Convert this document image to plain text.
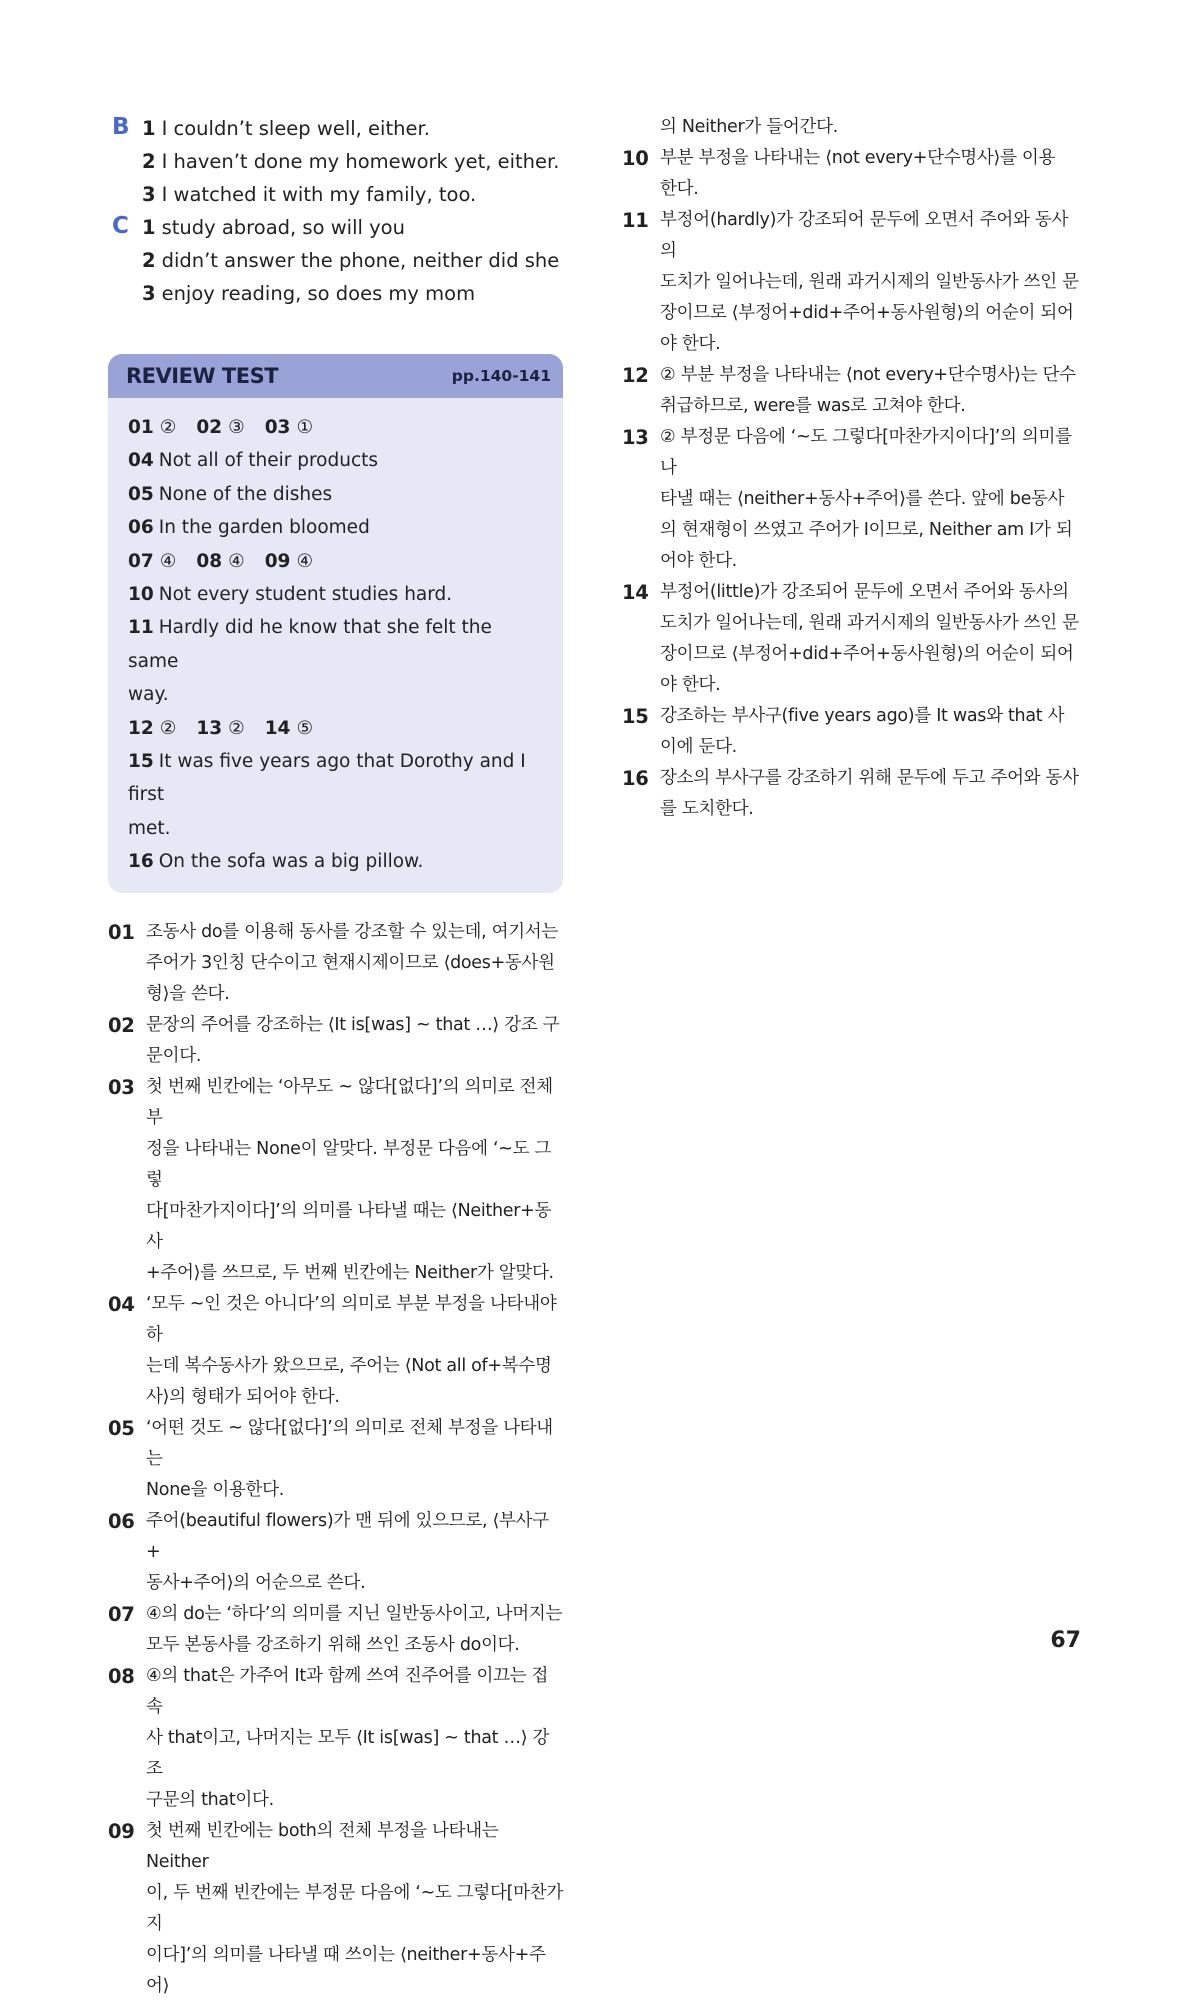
B 1 I couldn’t sleep well, either.
2 I haven’t done my homework yet, either.
3 I watched it with my family, too.
C 1 study abroad, so will you
2 didn’t answer the phone, neither did she
3 enjoy reading, so does my mom
REVIEW TEST	pp.140-141
01 ② 02 ③ 03 ①
04 Not all of their products
05 None of the dishes
06 In the garden bloomed
07 ④ 08 ④ 09 ④
10 Not every student studies hard.
11 Hardly did he know that she felt the same
way.
12 ② 13 ② 14 ⑤
15 It was five years ago that Dorothy and I first
met.
16 On the sofa was a big pillow.
01 조동사 do를 이용해 동사를 강조할 수 있는데, 여기서는
주어가 3인칭 단수이고 현재시제이므로 ⟨does+동사원
형⟩을 쓴다.
02 문장의 주어를 강조하는 ⟨It is[was] ~ that …⟩ 강조 구
문이다.
03 첫 번째 빈칸에는 ‘아무도 ~ 않다[없다]’의 의미로 전체 부
정을 나타내는 None이 알맞다. 부정문 다음에 ‘~도 그렇
다[마찬가지이다]’의 의미를 나타낼 때는 ⟨Neither+동사
+주어⟩를 쓰므로, 두 번째 빈칸에는 Neither가 알맞다.
04 ‘모두 ~인 것은 아니다’의 의미로 부분 부정을 나타내야 하
는데 복수동사가 왔으므로, 주어는 ⟨Not all of+복수명
사⟩의 형태가 되어야 한다.
05 ‘어떤 것도 ~ 않다[없다]’의 의미로 전체 부정을 나타내는
None을 이용한다.
06 주어(beautiful flowers)가 맨 뒤에 있으므로, ⟨부사구+
동사+주어⟩의 어순으로 쓴다.
07 ④의 do는 ‘하다’의 의미를 지닌 일반동사이고, 나머지는
모두 본동사를 강조하기 위해 쓰인 조동사 do이다.
08 ④의 that은 가주어 It과 함께 쓰여 진주어를 이끄는 접속
사 that이고, 나머지는 모두 ⟨It is[was] ~ that …⟩ 강조
구문의 that이다.
09 첫 번째 빈칸에는 both의 전체 부정을 나타내는 Neither
이, 두 번째 빈칸에는 부정문 다음에 ‘~도 그렇다[마찬가지
이다]’의 의미를 나타낼 때 쓰이는 ⟨neither+동사+주어⟩
의 Neither가 들어간다.
10 부분 부정을 나타내는 ⟨not every+단수명사⟩를 이용
한다.
11 부정어(hardly)가 강조되어 문두에 오면서 주어와 동사의
도치가 일어나는데, 원래 과거시제의 일반동사가 쓰인 문
장이므로 ⟨부정어+did+주어+동사원형⟩의 어순이 되어
야 한다.
12 ② 부분 부정을 나타내는 ⟨not every+단수명사⟩는 단수
취급하므로, were를 was로 고쳐야 한다.
13 ② 부정문 다음에 ‘~도 그렇다[마찬가지이다]’의 의미를 나
타낼 때는 ⟨neither+동사+주어⟩를 쓴다. 앞에 be동사
의 현재형이 쓰였고 주어가 I이므로, Neither am I가 되
어야 한다.
14 부정어(little)가 강조되어 문두에 오면서 주어와 동사의
도치가 일어나는데, 원래 과거시제의 일반동사가 쓰인 문
장이므로 ⟨부정어+did+주어+동사원형⟩의 어순이 되어
야 한다.
15 강조하는 부사구(five years ago)를 It was와 that 사
이에 둔다.
16 장소의 부사구를 강조하기 위해 문두에 두고 주어와 동사
를 도치한다.
67
